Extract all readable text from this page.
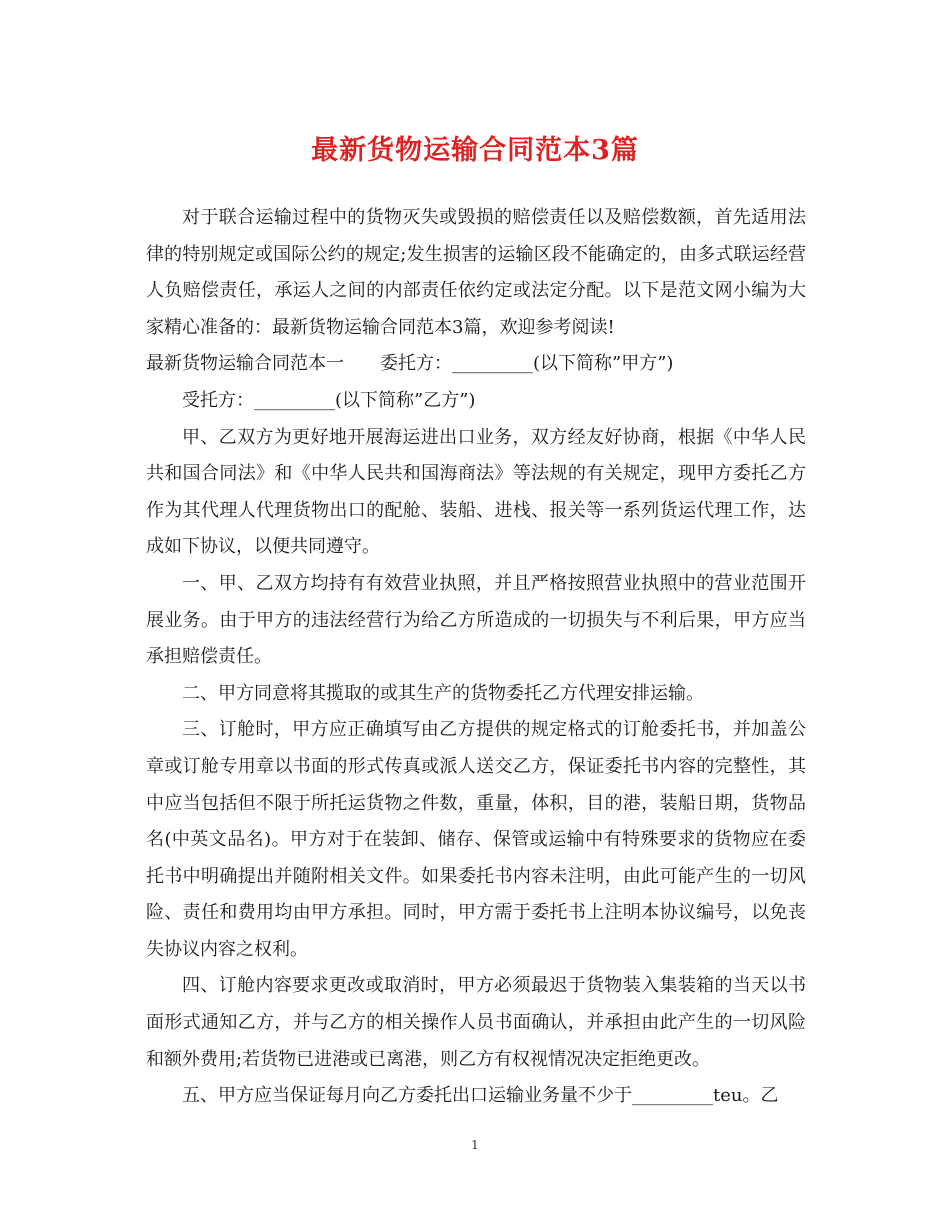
最新货物运输合同范本3篇

对于联合运输过程中的货物灭失或毁损的赔偿责任以及赔偿数额，首先适用法律的特别规定或国际公约的规定;发生损害的运输区段不能确定的，由多式联运经营人负赔偿责任，承运人之间的内部责任依约定或法定分配。以下是范文网小编为大家精心准备的：最新货物运输合同范本3篇，欢迎参考阅读!

最新货物运输合同范本一　　委托方：_________(以下简称”甲方”)

受托方：_________(以下简称”乙方”)

甲、乙双方为更好地开展海运进出口业务，双方经友好协商，根据《中华人民共和国合同法》和《中华人民共和国海商法》等法规的有关规定，现甲方委托乙方作为其代理人代理货物出口的配舱、装船、进栈、报关等一系列货运代理工作，达成如下协议，以便共同遵守。

一、甲、乙双方均持有有效营业执照，并且严格按照营业执照中的营业范围开展业务。由于甲方的违法经营行为给乙方所造成的一切损失与不利后果，甲方应当承担赔偿责任。

二、甲方同意将其揽取的或其生产的货物委托乙方代理安排运输。

三、订舱时，甲方应正确填写由乙方提供的规定格式的订舱委托书，并加盖公章或订舱专用章以书面的形式传真或派人送交乙方，保证委托书内容的完整性，其中应当包括但不限于所托运货物之件数，重量，体积，目的港，装船日期，货物品名(中英文品名)。甲方对于在装卸、储存、保管或运输中有特殊要求的货物应在委托书中明确提出并随附相关文件。如果委托书内容未注明，由此可能产生的一切风险、责任和费用均由甲方承担。同时，甲方需于委托书上注明本协议编号，以免丧失协议内容之权利。

四、订舱内容要求更改或取消时，甲方必须最迟于货物装入集装箱的当天以书面形式通知乙方，并与乙方的相关操作人员书面确认，并承担由此产生的一切风险和额外费用;若货物已进港或已离港，则乙方有权视情况决定拒绝更改。

五、甲方应当保证每月向乙方委托出口运输业务量不少于_________teu。乙

1
